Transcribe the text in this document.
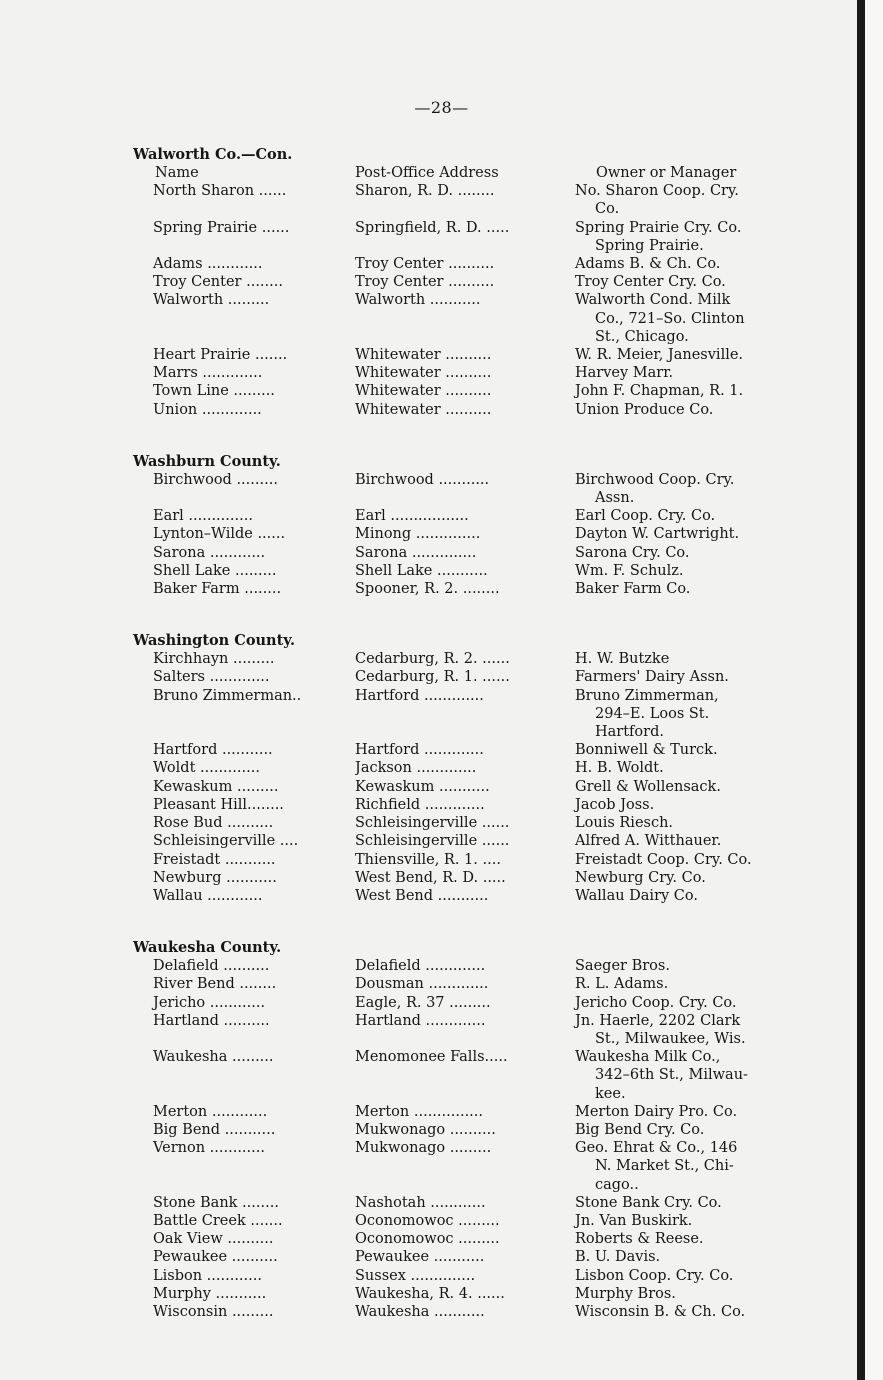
—28—
Walworth Co.—Con.
Name	Post-Office Address	Owner or Manager
North Sharon ......	Sharon, R. D. ........	No. Sharon Coop. Cry.
Co.
Spring Prairie ......	Springfield, R. D. .....	Spring Prairie Cry. Co.
Spring Prairie.
Adams ............	Troy Center ..........	Adams B. & Ch. Co.
Troy Center ........	Troy Center ..........	Troy Center Cry. Co.
Walworth .........	Walworth ...........	Walworth Cond. Milk
Co., 721–So. Clinton
St., Chicago.
Heart Prairie .......	Whitewater ..........	W. R. Meier, Janesville.
Marrs .............	Whitewater ..........	Harvey Marr.
Town Line .........	Whitewater ..........	John F. Chapman, R. 1.
Union .............	Whitewater ..........	Union Produce Co.
Washburn County.
Birchwood .........	Birchwood ...........	Birchwood Coop. Cry.
Assn.
Earl ..............	Earl .................	Earl Coop. Cry. Co.
Lynton–Wilde ......	Minong ..............	Dayton W. Cartwright.
Sarona ............	Sarona ..............	Sarona Cry. Co.
Shell Lake .........	Shell Lake ...........	Wm. F. Schulz.
Baker Farm ........	Spooner, R. 2. ........	Baker Farm Co.
Washington County.
Kirchhayn .........	Cedarburg, R. 2. ......	H. W. Butzke
Salters .............	Cedarburg, R. 1. ......	Farmers' Dairy Assn.
Bruno Zimmerman..	Hartford .............	Bruno Zimmerman,
294–E. Loos St.
Hartford.
Hartford ...........	Hartford .............	Bonniwell & Turck.
Woldt .............	Jackson .............	H. B. Woldt.
Kewaskum .........	Kewaskum ...........	Grell & Wollensack.
Pleasant Hill........	Richfield .............	Jacob Joss.
Rose Bud ..........	Schleisingerville ......	Louis Riesch.
Schleisingerville ....	Schleisingerville ......	Alfred A. Witthauer.
Freistadt ...........	Thiensville, R. 1. ....	Freistadt Coop. Cry. Co.
Newburg ...........	West Bend, R. D. .....	Newburg Cry. Co.
Wallau ............	West Bend ...........	Wallau Dairy Co.
Waukesha County.
Delafield ..........	Delafield .............	Saeger Bros.
River Bend ........	Dousman .............	R. L. Adams.
Jericho ............	Eagle, R. 37 .........	Jericho Coop. Cry. Co.
Hartland ..........	Hartland .............	Jn. Haerle, 2202 Clark
St., Milwaukee, Wis.
Waukesha .........	Menomonee Falls.....	Waukesha Milk Co.,
342–6th St., Milwau-
kee.
Merton ............	Merton ...............	Merton Dairy Pro. Co.
Big Bend ...........	Mukwonago ..........	Big Bend Cry. Co.
Vernon ............	Mukwonago .........	Geo. Ehrat & Co., 146
N. Market St., Chi-
cago..
Stone Bank ........	Nashotah ............	Stone Bank Cry. Co.
Battle Creek .......	Oconomowoc .........	Jn. Van Buskirk.
Oak View ..........	Oconomowoc .........	Roberts & Reese.
Pewaukee ..........	Pewaukee ...........	B. U. Davis.
Lisbon ............	Sussex ..............	Lisbon Coop. Cry. Co.
Murphy ...........	Waukesha, R. 4. ......	Murphy Bros.
Wisconsin .........	Waukesha ...........	Wisconsin B. & Ch. Co.
